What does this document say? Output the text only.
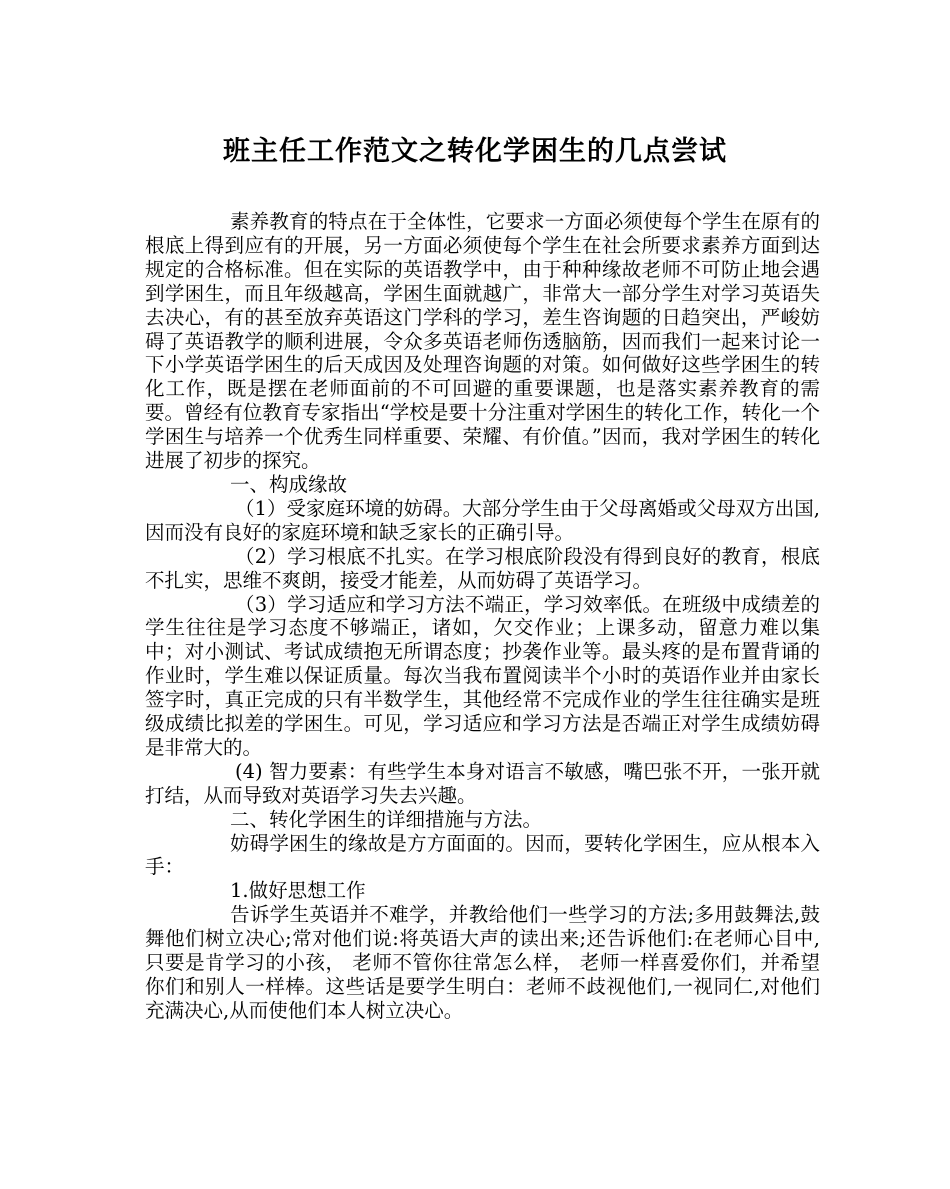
班主任工作范文之转化学困生的几点尝试

素养教育的特点在于全体性，它要求一方面必须使每个学生在原有的根底上得到应有的开展，另一方面必须使每个学生在社会所要求素养方面到达规定的合格标准。但在实际的英语教学中，由于种种缘故老师不可防止地会遇到学困生，而且年级越高，学困生面就越广，非常大一部分学生对学习英语失去决心，有的甚至放弃英语这门学科的学习，差生咨询题的日趋突出，严峻妨碍了英语教学的顺利进展，令众多英语老师伤透脑筋，因而我们一起来讨论一下小学英语学困生的后天成因及处理咨询题的对策。如何做好这些学困生的转化工作，既是摆在老师面前的不可回避的重要课题，也是落实素养教育的需要。曾经有位教育专家指出“学校是要十分注重对学困生的转化工作，转化一个学困生与培养一个优秀生同样重要、荣耀、有价值。”因而，我对学困生的转化进展了初步的探究。

一、构成缘故

（1）受家庭环境的妨碍。大部分学生由于父母离婚或父母双方出国,因而没有良好的家庭环境和缺乏家长的正确引导。

（2）学习根底不扎实。在学习根底阶段没有得到良好的教育，根底不扎实，思维不爽朗，接受才能差，从而妨碍了英语学习。

（3）学习适应和学习方法不端正，学习效率低。在班级中成绩差的学生往往是学习态度不够端正，诸如，欠交作业；上课多动，留意力难以集中；对小测试、考试成绩抱无所谓态度；抄袭作业等。最头疼的是布置背诵的作业时，学生难以保证质量。每次当我布置阅读半个小时的英语作业并由家长签字时，真正完成的只有半数学生，其他经常不完成作业的学生往往确实是班级成绩比拟差的学困生。可见，学习适应和学习方法是否端正对学生成绩妨碍是非常大的。

(4) 智力要素：有些学生本身对语言不敏感，嘴巴张不开，一张开就打结，从而导致对英语学习失去兴趣。

二、转化学困生的详细措施与方法。

妨碍学困生的缘故是方方面面的。因而，要转化学困生，应从根本入手：

1.做好思想工作

告诉学生英语并不难学，并教给他们一些学习的方法;多用鼓舞法,鼓舞他们树立决心;常对他们说:将英语大声的读出来;还告诉他们:在老师心目中,只要是肯学习的小孩， 老师不管你往常怎么样， 老师一样喜爱你们，并希望你们和别人一样棒。这些话是要学生明白：老师不歧视他们,一视同仁,对他们充满决心,从而使他们本人树立决心。
